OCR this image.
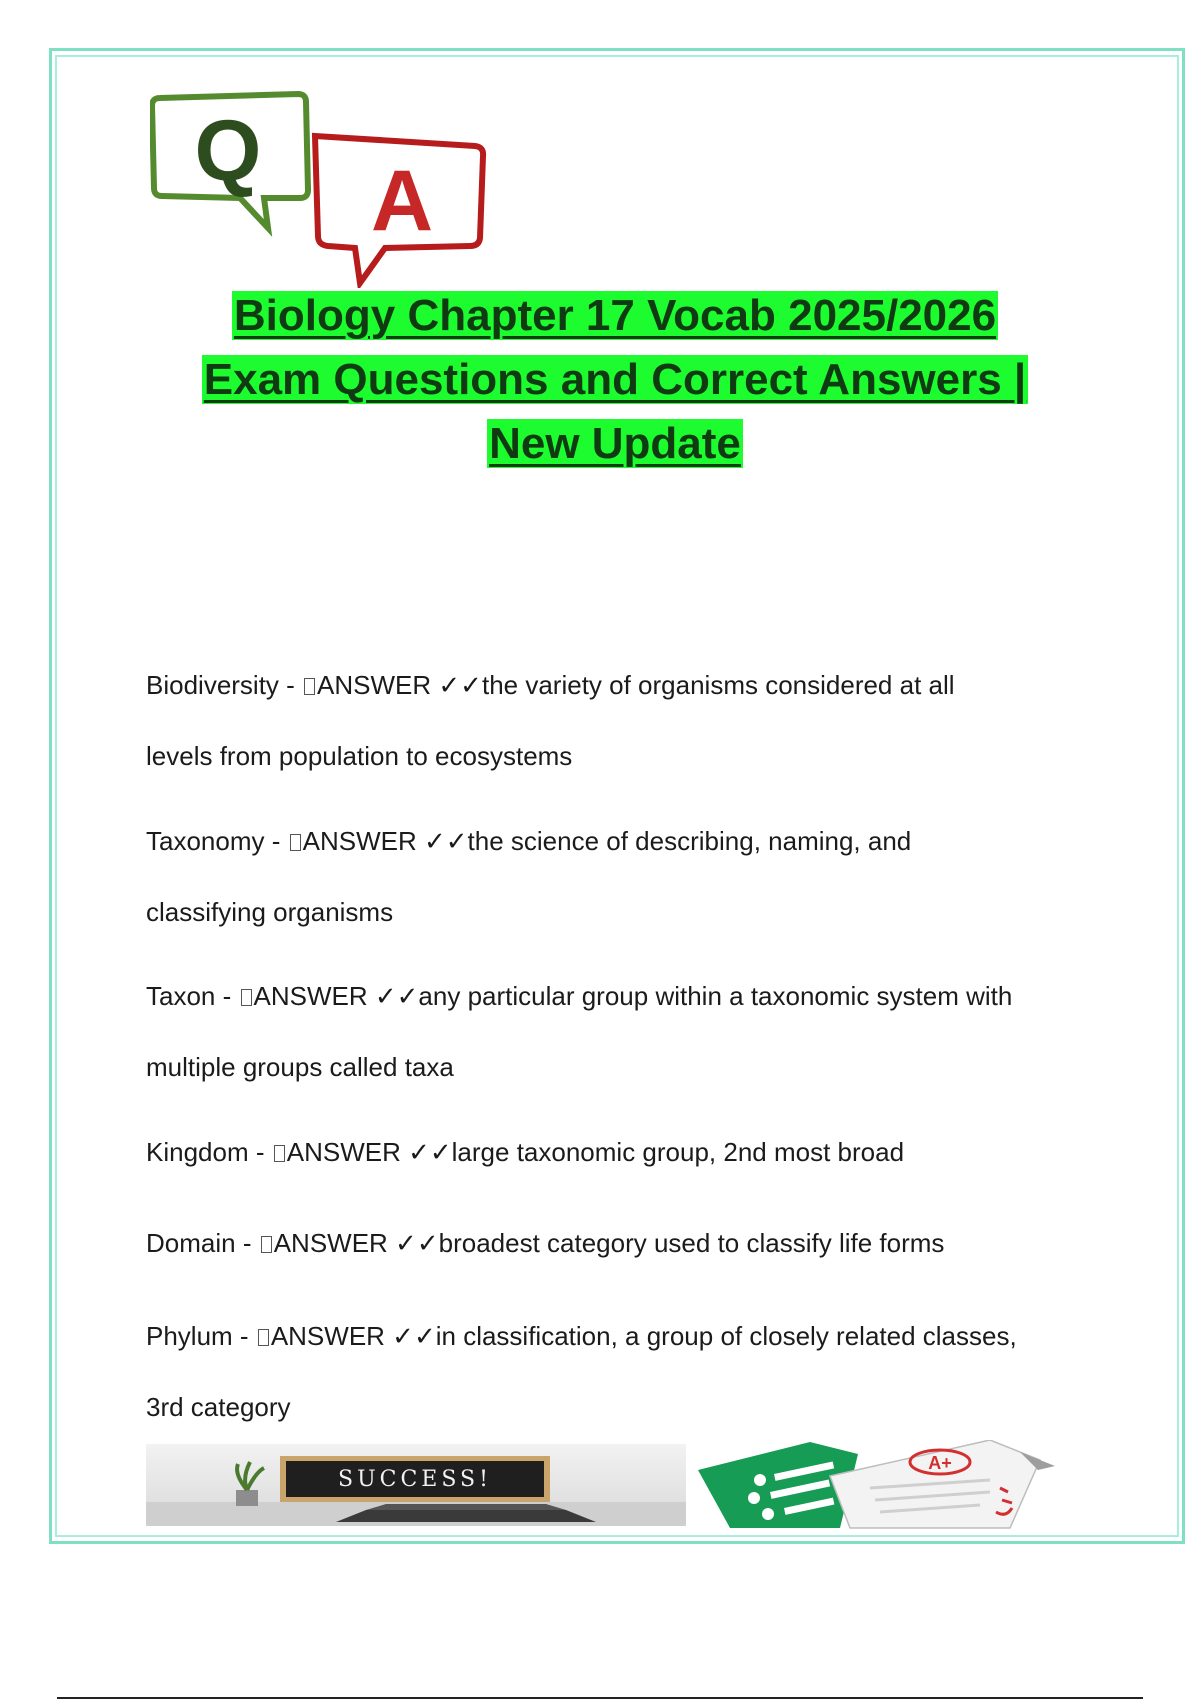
Q
A
Biology Chapter 17 Vocab 2025/2026
Exam Questions and Correct Answers |
New Update
Biodiversity - ANSWER ✓✓the variety of organisms considered at all
levels from population to ecosystems
Taxonomy - ANSWER ✓✓the science of describing, naming, and
classifying organisms
Taxon - ANSWER ✓✓any particular group within a taxonomic system with
multiple groups called taxa
Kingdom - ANSWER ✓✓large taxonomic group, 2nd most broad
Domain - ANSWER ✓✓broadest category used to classify life forms
Phylum - ANSWER ✓✓in classification, a group of closely related classes,
3rd category
SUCCESS!
A+
